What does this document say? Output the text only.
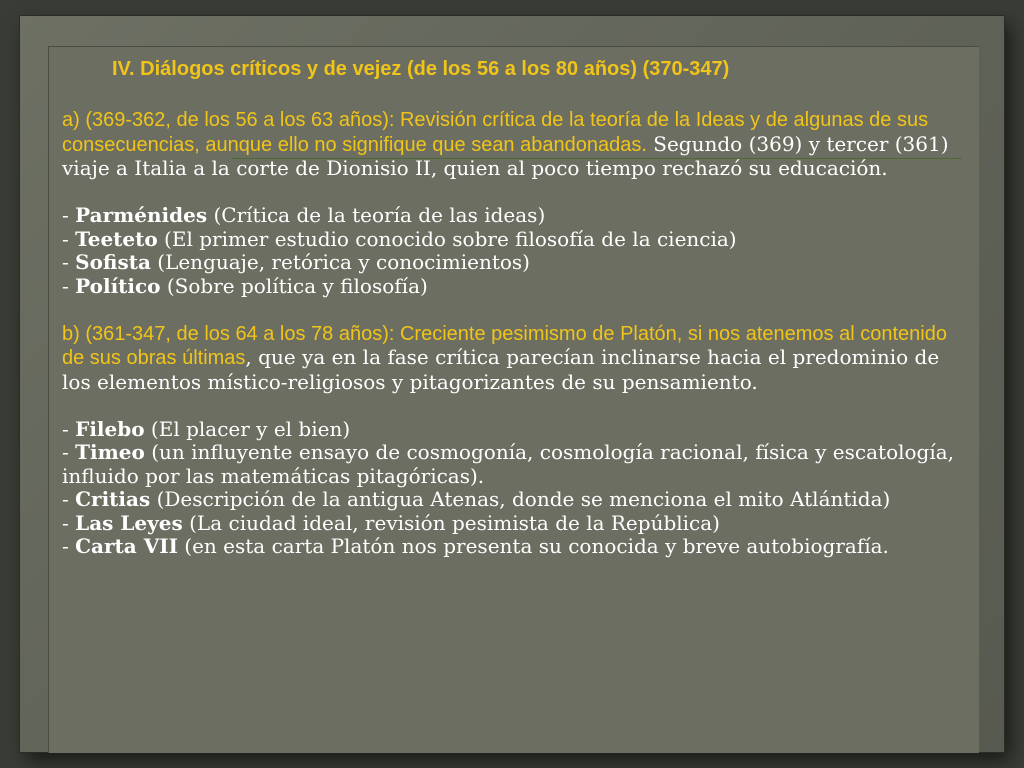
IV. Diálogos críticos y de vejez (de los 56 a los 80 años) (370-347)

a) (369-362, de los 56 a los 63 años): Revisión crítica de la teoría de la Ideas y de algunas de sus consecuencias, aunque ello no signifique que sean abandonadas. Segundo (369) y tercer (361) viaje a Italia a la corte de Dionisio II, quien al poco tiempo rechazó su educación.

- Parménides (Crítica de la teoría de las ideas)

- Teeteto (El primer estudio conocido sobre filosofía de la ciencia)

- Sofista (Lenguaje, retórica y conocimientos)

- Político (Sobre política y filosofía)

b) (361-347, de los 64 a los 78 años): Creciente pesimismo de Platón, si nos atenemos al contenido de sus obras últimas, que ya en la fase crítica parecían inclinarse hacia el predominio de los elementos místico-religiosos y pitagorizantes de su pensamiento.

- Filebo (El placer y el bien)

- Timeo (un influyente ensayo de cosmogonía, cosmología racional, física y escatología, influido por las matemáticas pitagóricas).

- Critias (Descripción de la antigua Atenas, donde se menciona el mito Atlántida)

- Las Leyes (La ciudad ideal, revisión pesimista de la República)

- Carta VII (en esta carta Platón nos presenta su conocida y breve autobiografía.
